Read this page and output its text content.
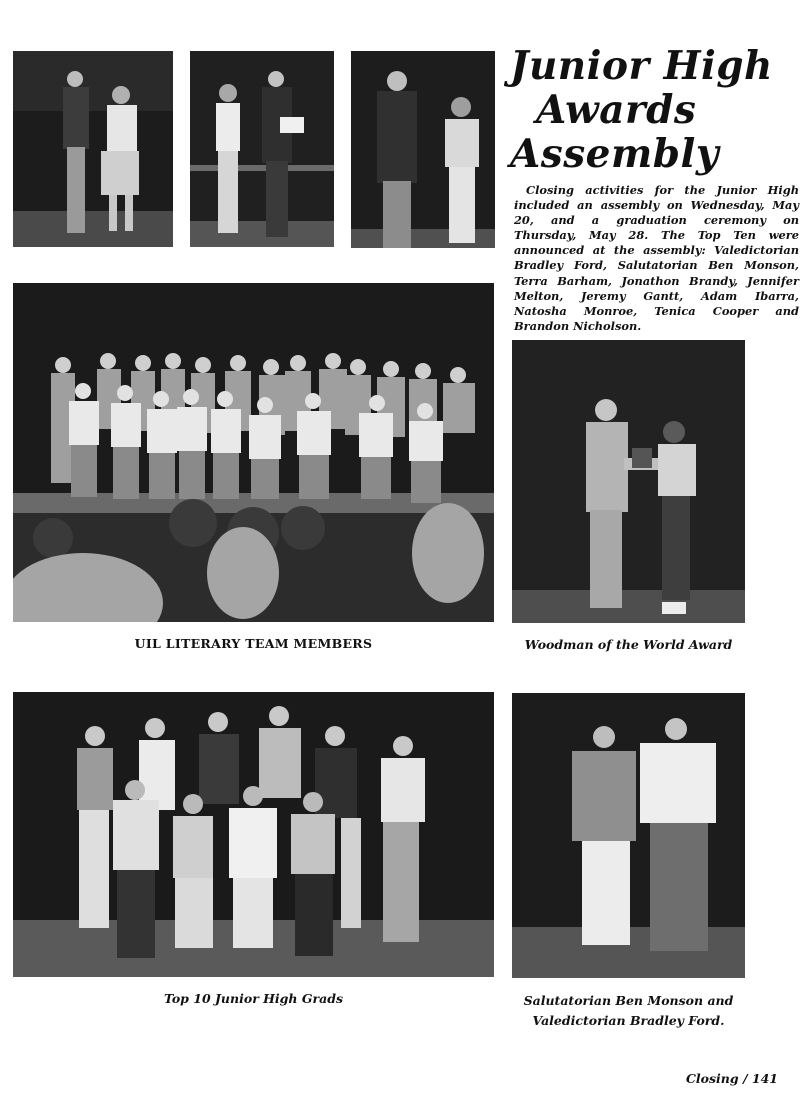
Junior High
Awards
Assembly
Closing activities for the Junior High included an assembly on Wednesday, May 20, and a graduation ceremony on Thursday, May 28. The Top Ten were announced at the assembly: Valedictorian Bradley Ford, Salutatorian Ben Monson, Terra Barham, Jonathon Brandy, Jennifer Melton, Jeremy Gantt, Adam Ibarra, Natosha Monroe, Tenica Cooper and Brandon Nicholson.
UIL LITERARY TEAM MEMBERS	Woodman of the World Award
Top 10 Junior High Grads	Salutatorian Ben Monson and
Valedictorian Bradley Ford.
Closing / 141
